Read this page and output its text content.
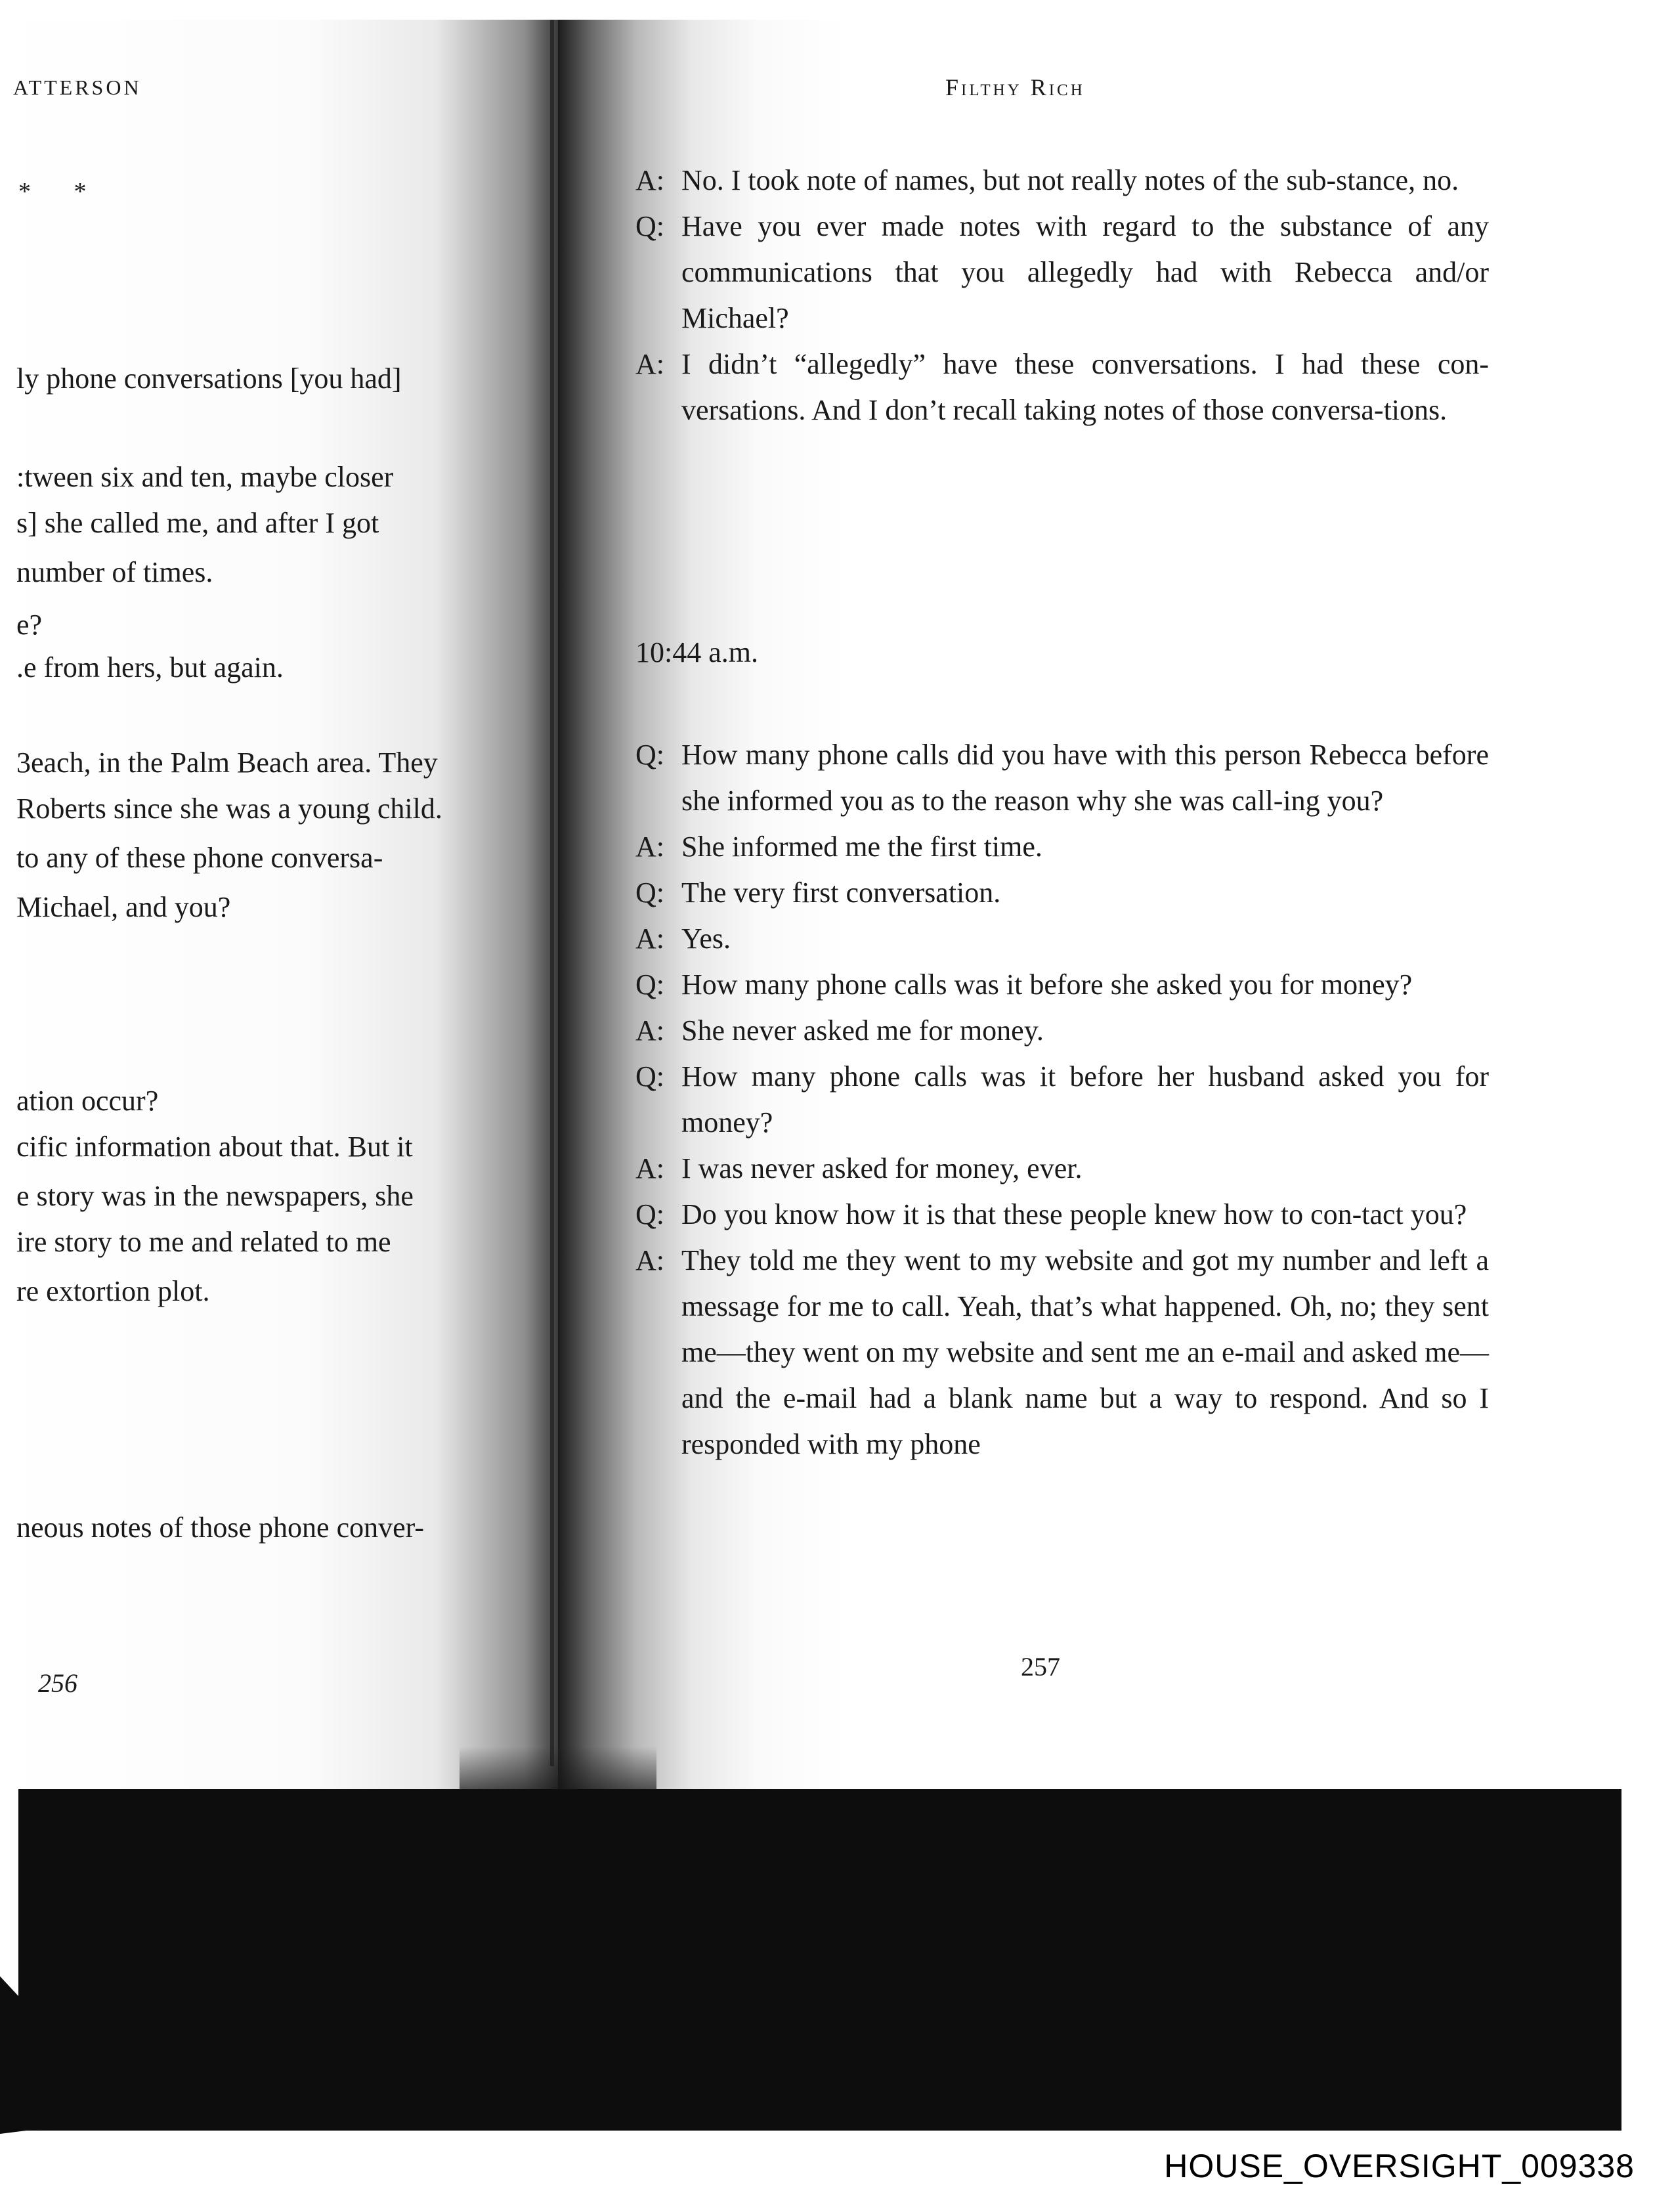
ATTERSON
* *
ly phone conversations [you had]
:tween six and ten, maybe closer
s] she called me, and after I got
number of times.
e?
.e from hers, but again.
3each, in the Palm Beach area. They
Roberts since she was a young child.
to any of these phone conversa-
Michael, and you?
ation occur?
cific information about that. But it
e story was in the newspapers, she
ire story to me and related to me
re extortion plot.
neous notes of those phone conver-
Filthy Rich

A: No. I took note of names, but not really notes of the sub-stance, no.

Q: Have you ever made notes with regard to the substance of any communications that you allegedly had with Rebecca and/or Michael?

A: I didn’t “allegedly” have these conversations. I had these con-versations. And I don’t recall taking notes of those conversa-tions.

10:44 a.m.

Q: How many phone calls did you have with this person Rebecca before she informed you as to the reason why she was call-ing you?

A: She informed me the first time.

Q: The very first conversation.

A: Yes.

Q: How many phone calls was it before she asked you for money?

A: She never asked me for money.

Q: How many phone calls was it before her husband asked you for money?

A: I was never asked for money, ever.

Q: Do you know how it is that these people knew how to con-tact you?

A: They told me they went to my website and got my number and left a message for me to call. Yeah, that’s what happened. Oh, no; they sent me—they went on my website and sent me an e-mail and asked me—and the e-mail had a blank name but a way to respond. And so I responded with my phone

256
257
HOUSE_OVERSIGHT_009338
